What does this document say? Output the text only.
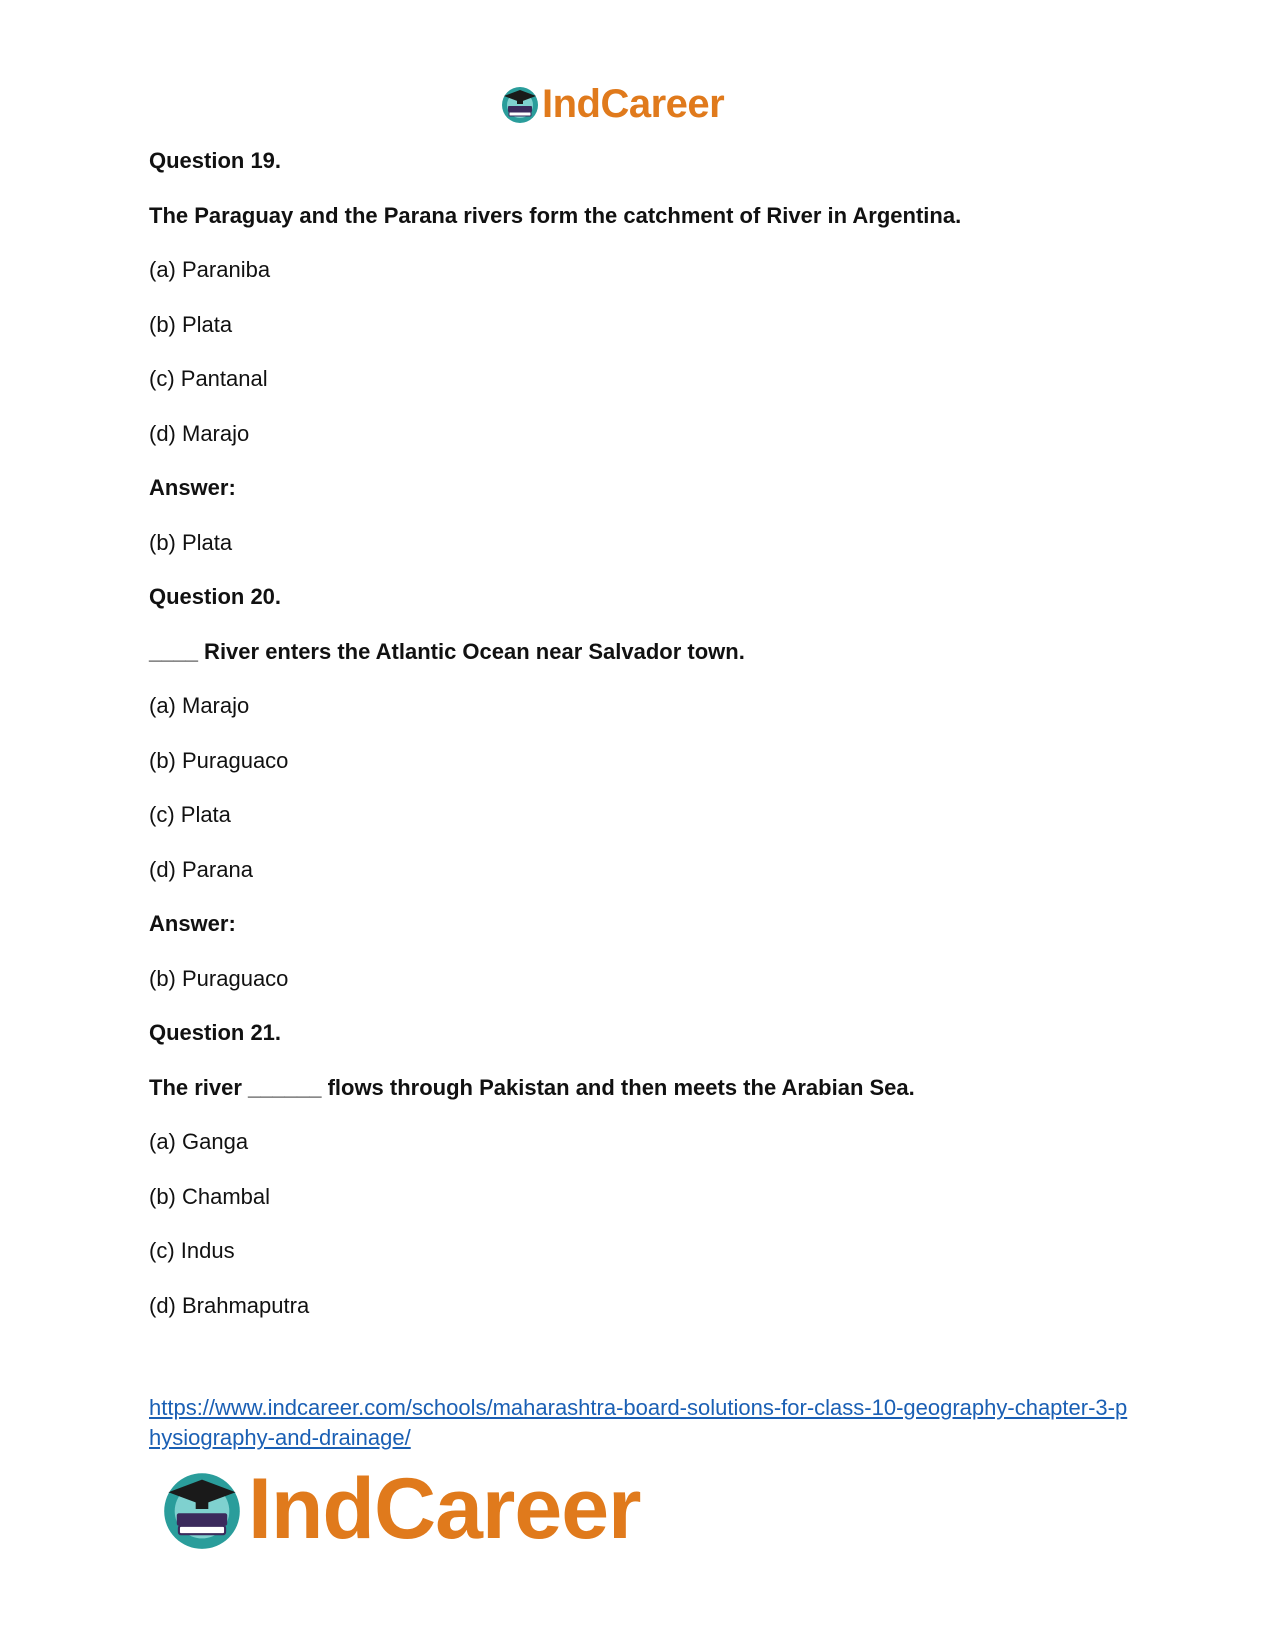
IndCareer
Question 19.
The Paraguay and the Parana rivers form the catchment of River in Argentina.
(a) Paraniba
(b) Plata
(c) Pantanal
(d) Marajo
Answer:
(b) Plata
Question 20.
____ River enters the Atlantic Ocean near Salvador town.
(a) Marajo
(b) Puraguaco
(c) Plata
(d) Parana
Answer:
(b) Puraguaco
Question 21.
The river ______ flows through Pakistan and then meets the Arabian Sea.
(a) Ganga
(b) Chambal
(c) Indus
(d) Brahmaputra
https://www.indcareer.com/schools/maharashtra-board-solutions-for-class-10-geography-chapter-3-physiography-and-drainage/
IndCareer
